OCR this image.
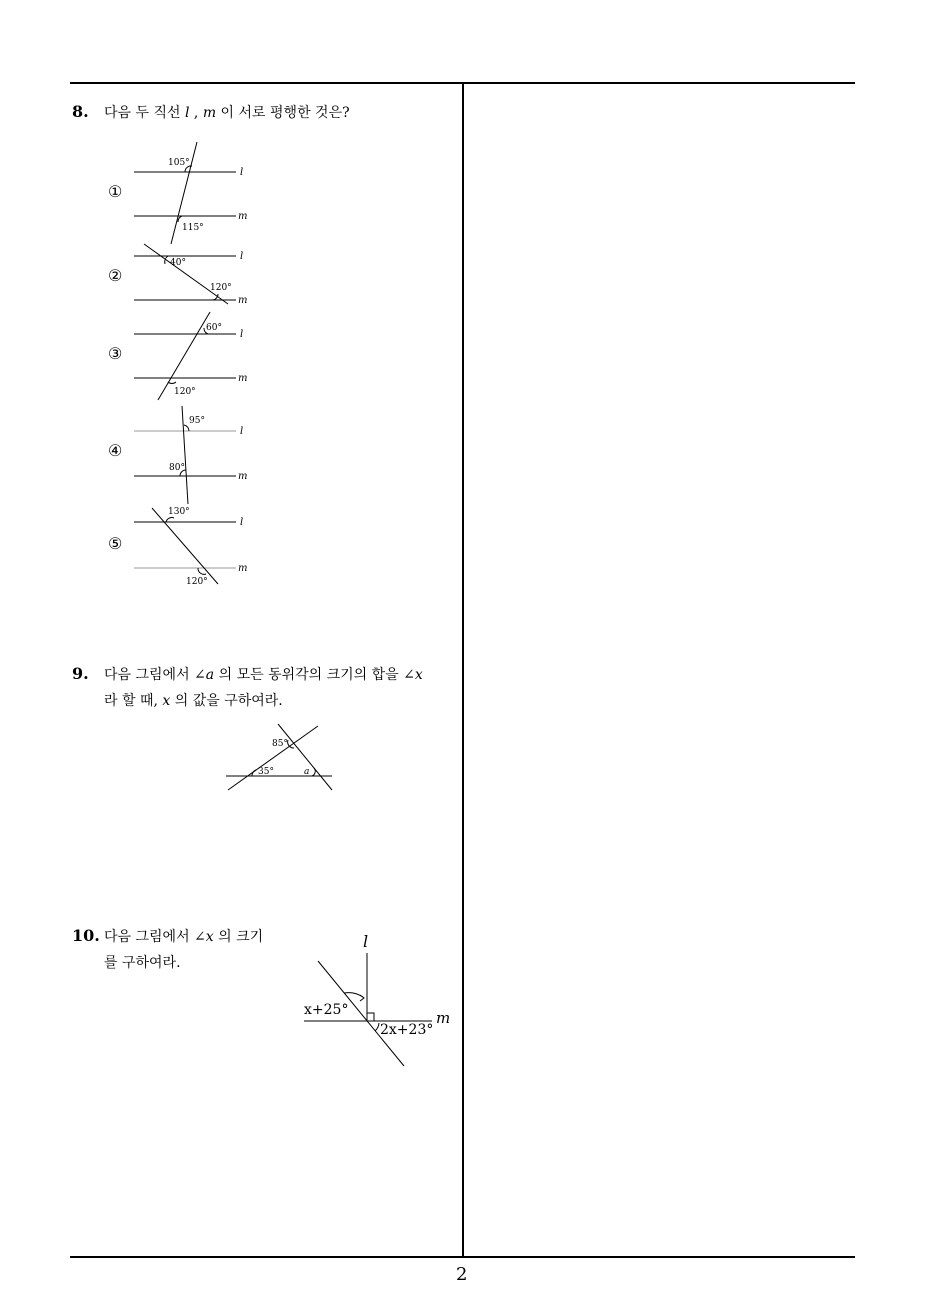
2
8. 다음 두 직선 l , m 이 서로 평행한 것은?
①
②
③
④
⑤
105°
115°
40°
120°
60°
120°
95°
80°
130°
120°
l
m
l
m
l
m
l
m
l
m
9. 다음 그림에서 ∠a 의 모든 동위각의 크기의 합을 ∠x
라 할 때, x 의 값을 구하여라.
85°
35°	a
10. 다음 그림에서 ∠x 의 크기
를 구하여라.
l
m
x+25°
2x+23°
